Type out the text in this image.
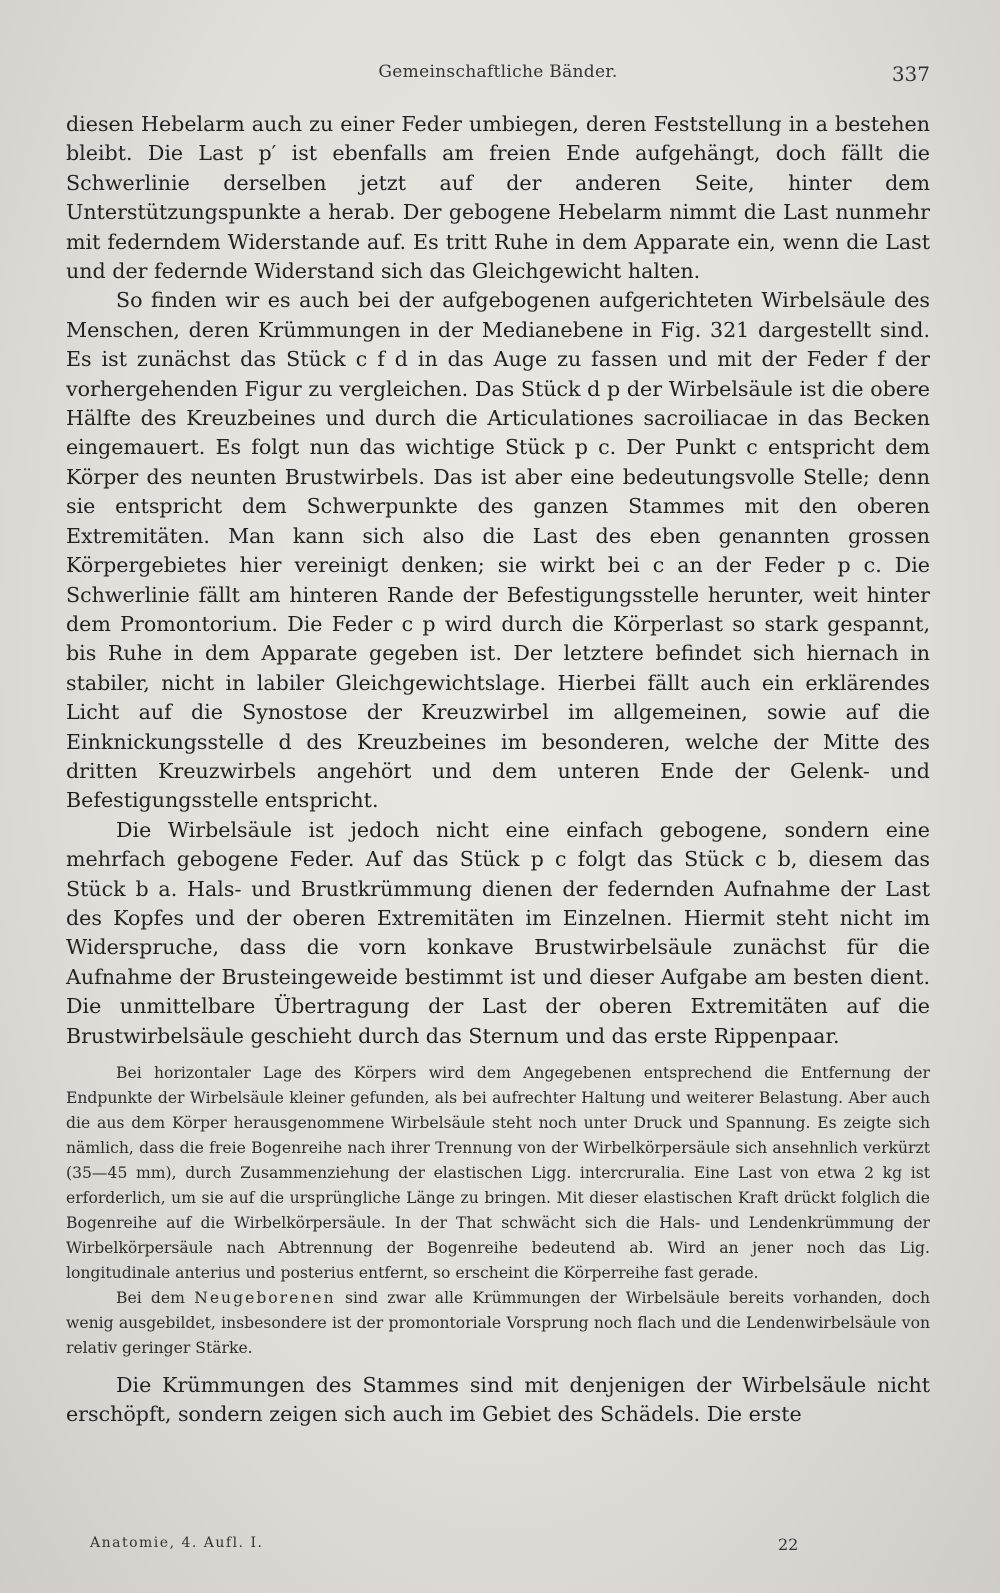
Gemeinschaftliche Bänder.	337

diesen Hebelarm auch zu einer Feder umbiegen, deren Feststellung in a bestehen bleibt. Die Last p′ ist ebenfalls am freien Ende aufgehängt, doch fällt die Schwerlinie derselben jetzt auf der anderen Seite, hinter dem Unterstützungspunkte a herab. Der gebogene Hebelarm nimmt die Last nunmehr mit federndem Widerstande auf. Es tritt Ruhe in dem Apparate ein, wenn die Last und der federnde Widerstand sich das Gleichgewicht halten.

So finden wir es auch bei der aufgebogenen aufgerichteten Wirbelsäule des Menschen, deren Krümmungen in der Medianebene in Fig. 321 dargestellt sind. Es ist zunächst das Stück c f d in das Auge zu fassen und mit der Feder f der vorhergehenden Figur zu vergleichen. Das Stück d p der Wirbelsäule ist die obere Hälfte des Kreuzbeines und durch die Articulationes sacroiliacae in das Becken eingemauert. Es folgt nun das wichtige Stück p c. Der Punkt c entspricht dem Körper des neunten Brustwirbels. Das ist aber eine bedeutungsvolle Stelle; denn sie entspricht dem Schwerpunkte des ganzen Stammes mit den oberen Extremitäten. Man kann sich also die Last des eben genannten grossen Körpergebietes hier vereinigt denken; sie wirkt bei c an der Feder p c. Die Schwerlinie fällt am hinteren Rande der Befestigungsstelle herunter, weit hinter dem Promontorium. Die Feder c p wird durch die Körperlast so stark gespannt, bis Ruhe in dem Apparate gegeben ist. Der letztere befindet sich hiernach in stabiler, nicht in labiler Gleichgewichtslage. Hierbei fällt auch ein erklärendes Licht auf die Synostose der Kreuzwirbel im allgemeinen, sowie auf die Einknickungsstelle d des Kreuzbeines im besonderen, welche der Mitte des dritten Kreuzwirbels angehört und dem unteren Ende der Gelenk- und Befestigungsstelle entspricht.

Die Wirbelsäule ist jedoch nicht eine einfach gebogene, sondern eine mehrfach gebogene Feder. Auf das Stück p c folgt das Stück c b, diesem das Stück b a. Hals- und Brustkrümmung dienen der federnden Aufnahme der Last des Kopfes und der oberen Extremitäten im Einzelnen. Hiermit steht nicht im Widerspruche, dass die vorn konkave Brustwirbelsäule zunächst für die Aufnahme der Brusteingeweide bestimmt ist und dieser Aufgabe am besten dient. Die unmittelbare Übertragung der Last der oberen Extremitäten auf die Brustwirbelsäule geschieht durch das Sternum und das erste Rippenpaar.

Bei horizontaler Lage des Körpers wird dem Angegebenen entsprechend die Entfernung der Endpunkte der Wirbelsäule kleiner gefunden, als bei aufrechter Haltung und weiterer Belastung. Aber auch die aus dem Körper herausgenommene Wirbelsäule steht noch unter Druck und Spannung. Es zeigte sich nämlich, dass die freie Bogenreihe nach ihrer Trennung von der Wirbelkörpersäule sich ansehnlich verkürzt (35—45 mm), durch Zusammenziehung der elastischen Ligg. intercruralia. Eine Last von etwa 2 kg ist erforderlich, um sie auf die ursprüngliche Länge zu bringen. Mit dieser elastischen Kraft drückt folglich die Bogenreihe auf die Wirbelkörpersäule. In der That schwächt sich die Hals- und Lendenkrümmung der Wirbelkörpersäule nach Abtrennung der Bogenreihe bedeutend ab. Wird an jener noch das Lig. longitudinale anterius und posterius entfernt, so erscheint die Körperreihe fast gerade.

Bei dem Neugeborenen sind zwar alle Krümmungen der Wirbelsäule bereits vorhanden, doch wenig ausgebildet, insbesondere ist der promontoriale Vorsprung noch flach und die Lendenwirbelsäule von relativ geringer Stärke.

Die Krümmungen des Stammes sind mit denjenigen der Wirbelsäule nicht erschöpft, sondern zeigen sich auch im Gebiet des Schädels. Die erste

Anatomie, 4. Aufl. I.	22
